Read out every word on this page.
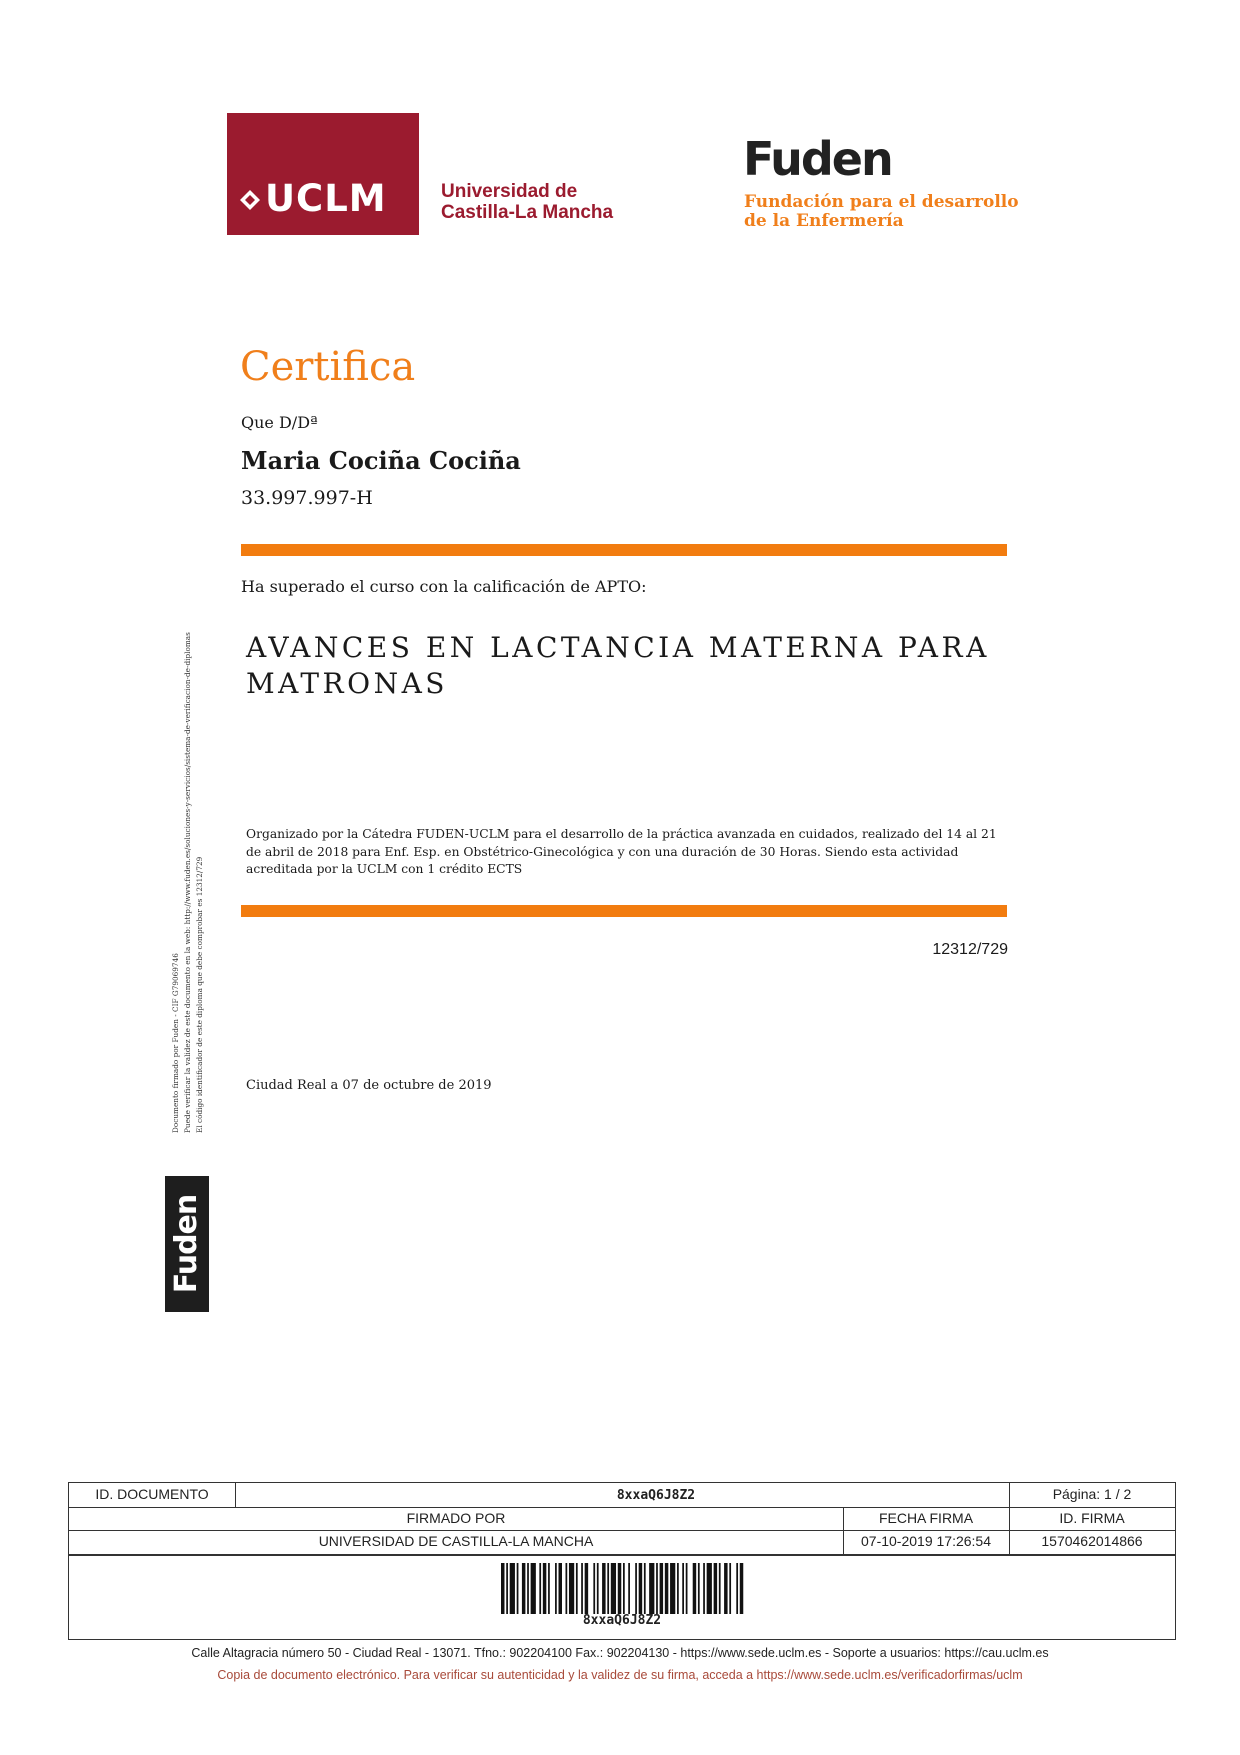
UCLM	Universidad de
Castilla-La Mancha
Fuden
Fundación para el desarrollo
de la Enfermería
Certifica
Que D/Dª
Maria Cociña Cociña
33.997.997-H
Ha superado el curso con la calificación de APTO:
AVANCES EN LACTANCIA MATERNA PARA MATRONAS
Organizado por la Cátedra FUDEN-UCLM para el desarrollo de la práctica avanzada en cuidados, realizado del 14 al 21 de abril de 2018 para Enf. Esp. en Obstétrico-Ginecológica y con una duración de 30 Horas. Siendo esta actividad acreditada por la UCLM con 1 crédito ECTS
12312/729
Ciudad Real a 07 de octubre de 2019
Documento firmado por Fuden - CIF G79069746 Puede verificar la validez de este documento en la web: http://www.fuden.es/soluciones-y-servicios/sistema-de-verificacion-de-diplomas El código identificador de este diploma que debe comprobar es 12312/729
Fuden
ID. DOCUMENTO	8xxaQ6J8Z2	Página: 1 / 2
FIRMADO POR	FECHA FIRMA	ID. FIRMA
UNIVERSIDAD DE CASTILLA-LA MANCHA	07-10-2019 17:26:54	1570462014866
8xxaQ6J8Z2
Calle Altagracia número 50 - Ciudad Real - 13071. Tfno.: 902204100 Fax.: 902204130 - https://www.sede.uclm.es - Soporte a usuarios: https://cau.uclm.es
Copia de documento electrónico. Para verificar su autenticidad y la validez de su firma, acceda a https://www.sede.uclm.es/verificadorfirmas/uclm
